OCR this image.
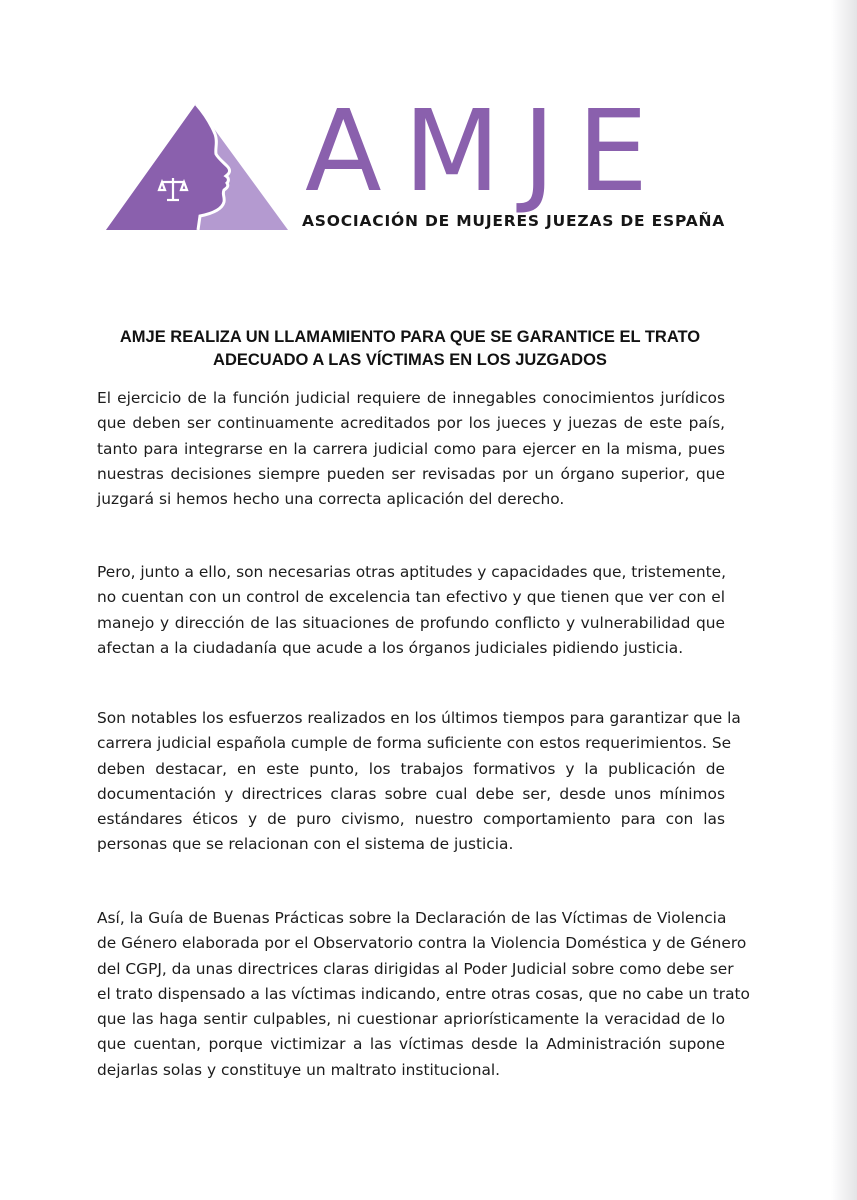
AMJE
ASOCIACIÓN DE MUJERES JUEZAS DE ESPAÑA
AMJE REALIZA UN LLAMAMIENTO PARA QUE SE GARANTICE EL TRATO
ADECUADO A LAS VÍCTIMAS EN LOS JUZGADOS
El ejercicio de la función judicial requiere de innegables conocimientos jurídicos
que deben ser continuamente acreditados por los jueces y juezas de este país,
tanto para integrarse en la carrera judicial como para ejercer en la misma, pues
nuestras decisiones siempre pueden ser revisadas por un órgano superior, que
juzgará si hemos hecho una correcta aplicación del derecho.
Pero, junto a ello, son necesarias otras aptitudes y capacidades que, tristemente,
no cuentan con un control de excelencia tan efectivo y que tienen que ver con el
manejo y dirección de las situaciones de profundo conflicto y vulnerabilidad que
afectan a la ciudadanía que acude a los órganos judiciales pidiendo justicia.
Son notables los esfuerzos realizados en los últimos tiempos para garantizar que la
carrera judicial española cumple de forma suficiente con estos requerimientos. Se
deben destacar, en este punto, los trabajos formativos y la publicación de
documentación y directrices claras sobre cual debe ser, desde unos mínimos
estándares éticos y de puro civismo, nuestro comportamiento para con las
personas que se relacionan con el sistema de justicia.
Así, la Guía de Buenas Prácticas sobre la Declaración de las Víctimas de Violencia
de Género elaborada por el Observatorio contra la Violencia Doméstica y de Género
del CGPJ, da unas directrices claras dirigidas al Poder Judicial sobre como debe ser
el trato dispensado a las víctimas indicando, entre otras cosas, que no cabe un trato
que las haga sentir culpables, ni cuestionar apriorísticamente la veracidad de lo
que cuentan, porque victimizar a las víctimas desde la Administración supone
dejarlas solas y constituye un maltrato institucional.
